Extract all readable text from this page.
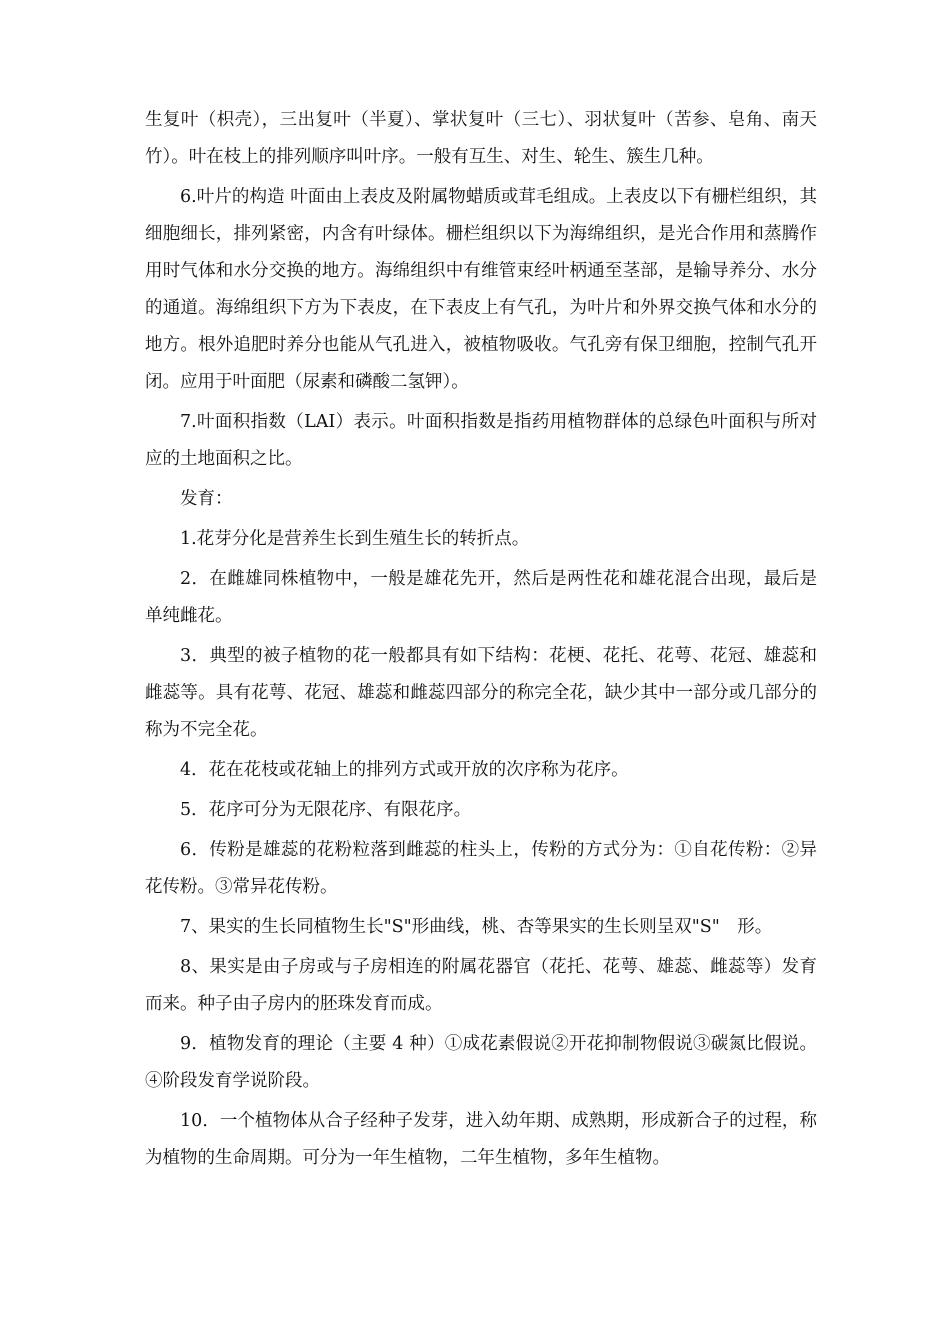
生复叶（枳壳），三出复叶（半夏）、掌状复叶（三七）、羽状复叶（苦参、皂角、南天竹）。叶在枝上的排列顺序叫叶序。一般有互生、对生、轮生、簇生几种。

6.叶片的构造 叶面由上表皮及附属物蜡质或茸毛组成。上表皮以下有栅栏组织，其细胞细长，排列紧密，内含有叶绿体。栅栏组织以下为海绵组织，是光合作用和蒸腾作用时气体和水分交换的地方。海绵组织中有维管束经叶柄通至茎部，是输导养分、水分的通道。海绵组织下方为下表皮，在下表皮上有气孔，为叶片和外界交换气体和水分的地方。根外追肥时养分也能从气孔进入，被植物吸收。气孔旁有保卫细胞，控制气孔开闭。应用于叶面肥（尿素和磷酸二氢钾）。

7.叶面积指数（LAI）表示。叶面积指数是指药用植物群体的总绿色叶面积与所对应的土地面积之比。

发育：

1.花芽分化是营养生长到生殖生长的转折点。

2．在雌雄同株植物中，一般是雄花先开，然后是两性花和雄花混合出现，最后是单纯雌花。

3．典型的被子植物的花一般都具有如下结构：花梗、花托、花萼、花冠、雄蕊和雌蕊等。具有花萼、花冠、雄蕊和雌蕊四部分的称完全花，缺少其中一部分或几部分的称为不完全花。

4．花在花枝或花轴上的排列方式或开放的次序称为花序。

5．花序可分为无限花序、有限花序。

6．传粉是雄蕊的花粉粒落到雌蕊的柱头上，传粉的方式分为：①自花传粉：②异花传粉。③常异花传粉。

7、果实的生长同植物生长"S"形曲线，桃、杏等果实的生长则呈双"S"　形。

8、果实是由子房或与子房相连的附属花器官（花托、花萼、雄蕊、雌蕊等）发育而来。种子由子房内的胚珠发育而成。

9．植物发育的理论（主要 4 种）①成花素假说②开花抑制物假说③碳氮比假说。④阶段发育学说阶段。

10．一个植物体从合子经种子发芽，进入幼年期、成熟期，形成新合子的过程，称为植物的生命周期。可分为一年生植物，二年生植物，多年生植物。
